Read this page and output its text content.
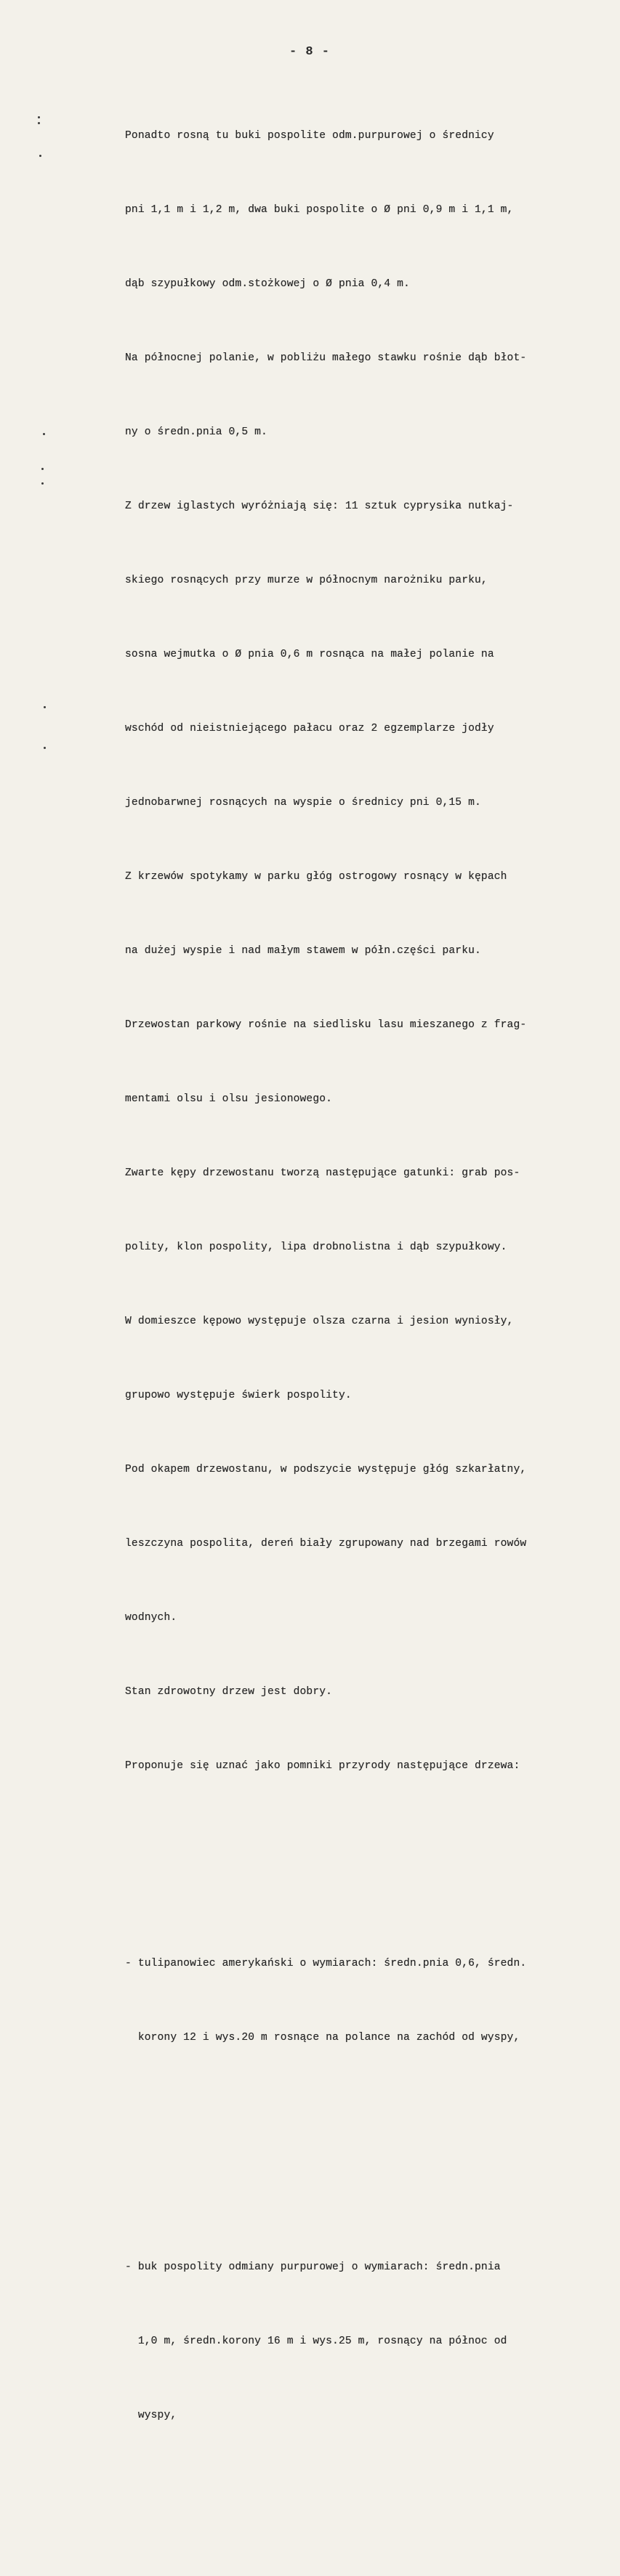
- 8 -

Ponadto rosną tu buki pospolite odm.purpurowej o średnicy

pni 1,1 m i 1,2 m, dwa buki pospolite o Ø pni 0,9 m i 1,1 m,

dąb szypułkowy odm.stożkowej o Ø pnia 0,4 m.

Na północnej polanie, w pobliżu małego stawku rośnie dąb błot-

ny o średn.pnia 0,5 m.

Z drzew iglastych wyróżniają się: 11 sztuk cyprysika nutkaj-

skiego rosnących przy murze w północnym narożniku parku,

sosna wejmutka o Ø pnia 0,6 m rosnąca na małej polanie na

wschód od nieistniejącego pałacu oraz 2 egzemplarze jodły

jednobarwnej rosnących na wyspie o średnicy pni 0,15 m.

Z krzewów spotykamy w parku głóg ostrogowy rosnący w kępach

na dużej wyspie i nad małym stawem w półn.części parku.

Drzewostan parkowy rośnie na siedlisku lasu mieszanego z frag-

mentami olsu i olsu jesionowego.

Zwarte kępy drzewostanu tworzą następujące gatunki: grab pos-

polity, klon pospolity, lipa drobnolistna i dąb szypułkowy.

W domieszce kępowo występuje olsza czarna i jesion wyniosły,

grupowo występuje świerk pospolity.

Pod okapem drzewostanu, w podszycie występuje głóg szkarłatny,

leszczyna pospolita, dereń biały zgrupowany nad brzegami rowów

wodnych.

Stan zdrowotny drzew jest dobry.

Proponuje się uznać jako pomniki przyrody następujące drzewa:

- tulipanowiec amerykański o wymiarach: średn.pnia 0,6, średn.

korony 12 i wys.20 m rosnące na polance na zachód od wyspy,

- buk pospolity odmiany purpurowej o wymiarach: średn.pnia

1,0 m, średn.korony 16 m i wys.25 m, rosnący na północ od

wyspy,
